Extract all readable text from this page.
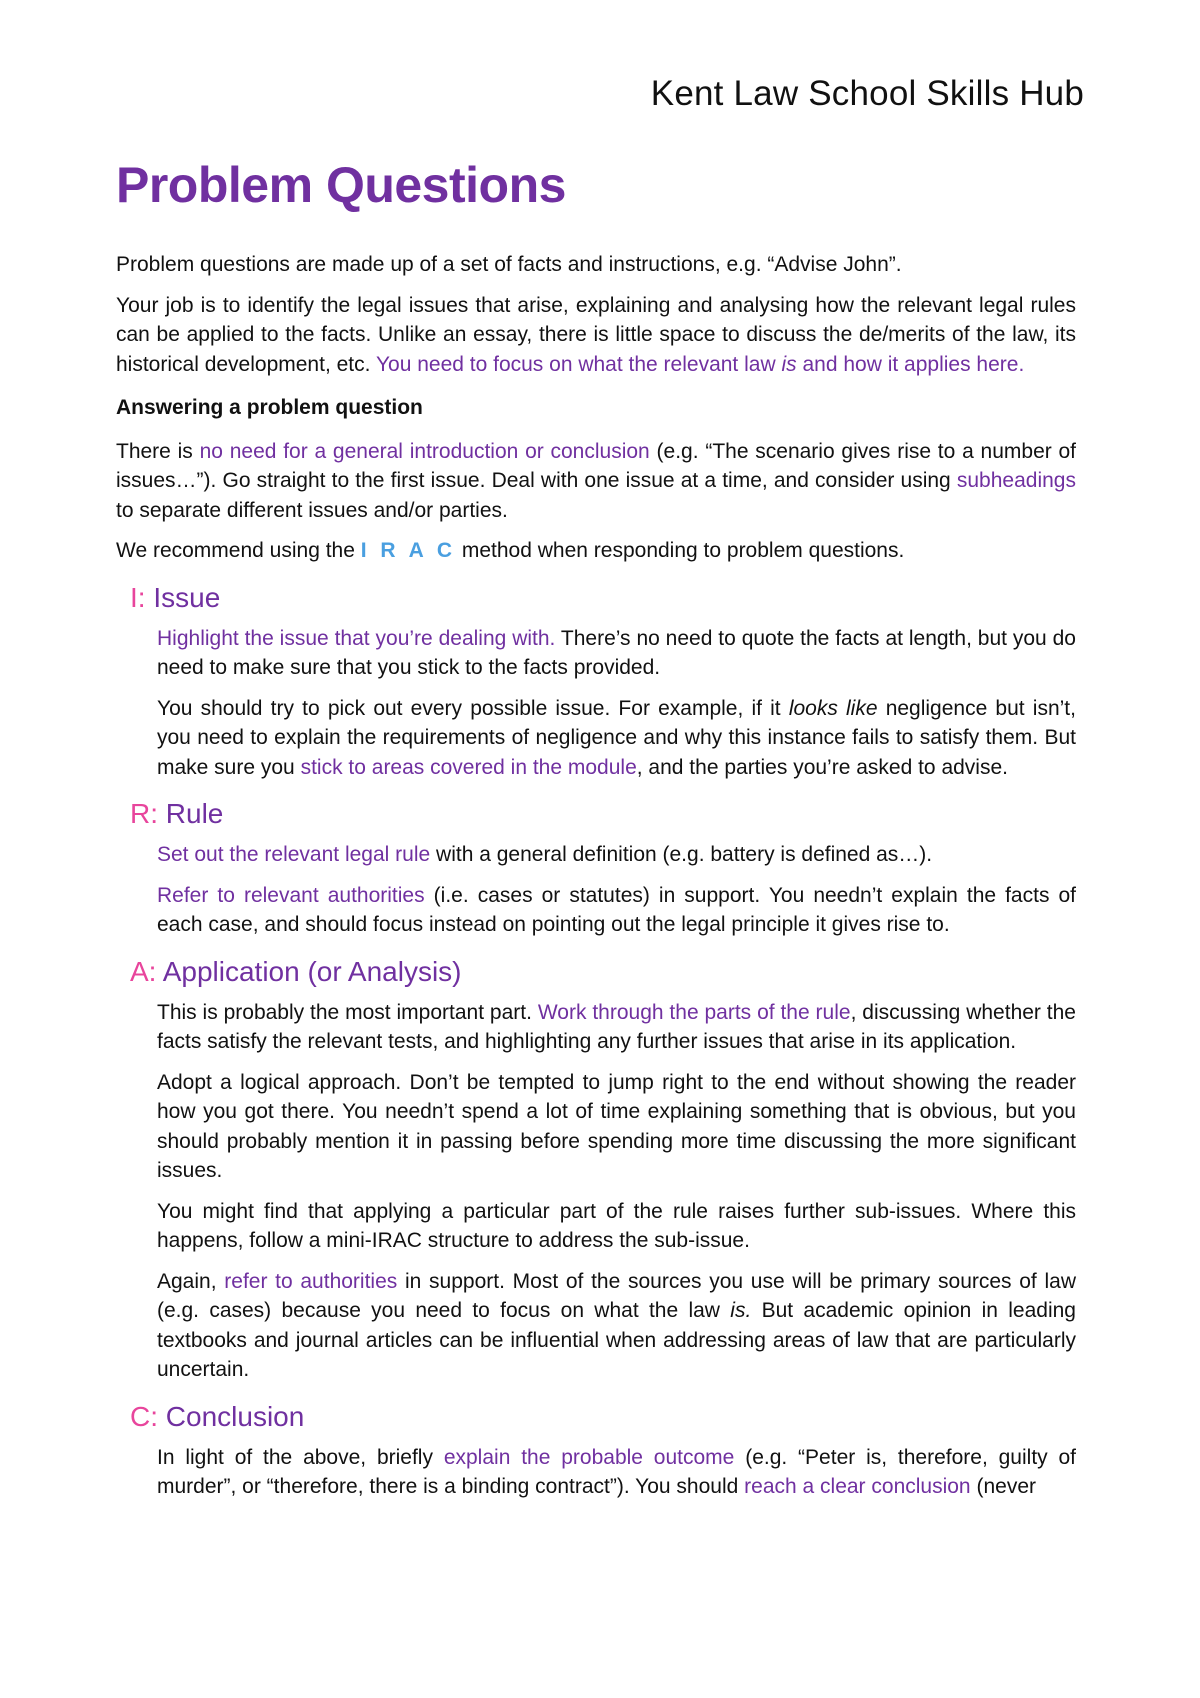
Kent Law School Skills Hub
Problem Questions

Problem questions are made up of a set of facts and instructions, e.g. “Advise John”.

Your job is to identify the legal issues that arise, explaining and analysing how the relevant legal rules can be applied to the facts. Unlike an essay, there is little space to discuss the de/merits of the law, its historical development, etc. You need to focus on what the relevant law is and how it applies here.

Answering a problem question

There is no need for a general introduction or conclusion (e.g. “The scenario gives rise to a number of issues…”). Go straight to the first issue. Deal with one issue at a time, and consider using subheadings to separate different issues and/or parties.

We recommend using the I R A C method when responding to problem questions.

I: Issue

Highlight the issue that you’re dealing with. There’s no need to quote the facts at length, but you do need to make sure that you stick to the facts provided.

You should try to pick out every possible issue. For example, if it looks like negligence but isn’t, you need to explain the requirements of negligence and why this instance fails to satisfy them. But make sure you stick to areas covered in the module, and the parties you’re asked to advise.

R: Rule

Set out the relevant legal rule with a general definition (e.g. battery is defined as…).

Refer to relevant authorities (i.e. cases or statutes) in support. You needn’t explain the facts of each case, and should focus instead on pointing out the legal principle it gives rise to.

A: Application (or Analysis)

This is probably the most important part. Work through the parts of the rule, discussing whether the facts satisfy the relevant tests, and highlighting any further issues that arise in its application.

Adopt a logical approach. Don’t be tempted to jump right to the end without showing the reader how you got there. You needn’t spend a lot of time explaining something that is obvious, but you should probably mention it in passing before spending more time discussing the more significant issues.

You might find that applying a particular part of the rule raises further sub-issues. Where this happens, follow a mini-IRAC structure to address the sub-issue.

Again, refer to authorities in support. Most of the sources you use will be primary sources of law (e.g. cases) because you need to focus on what the law is. But academic opinion in leading textbooks and journal articles can be influential when addressing areas of law that are particularly uncertain.

C: Conclusion

In light of the above, briefly explain the probable outcome (e.g. “Peter is, therefore, guilty of murder”, or “therefore, there is a binding contract”). You should reach a clear conclusion (never
